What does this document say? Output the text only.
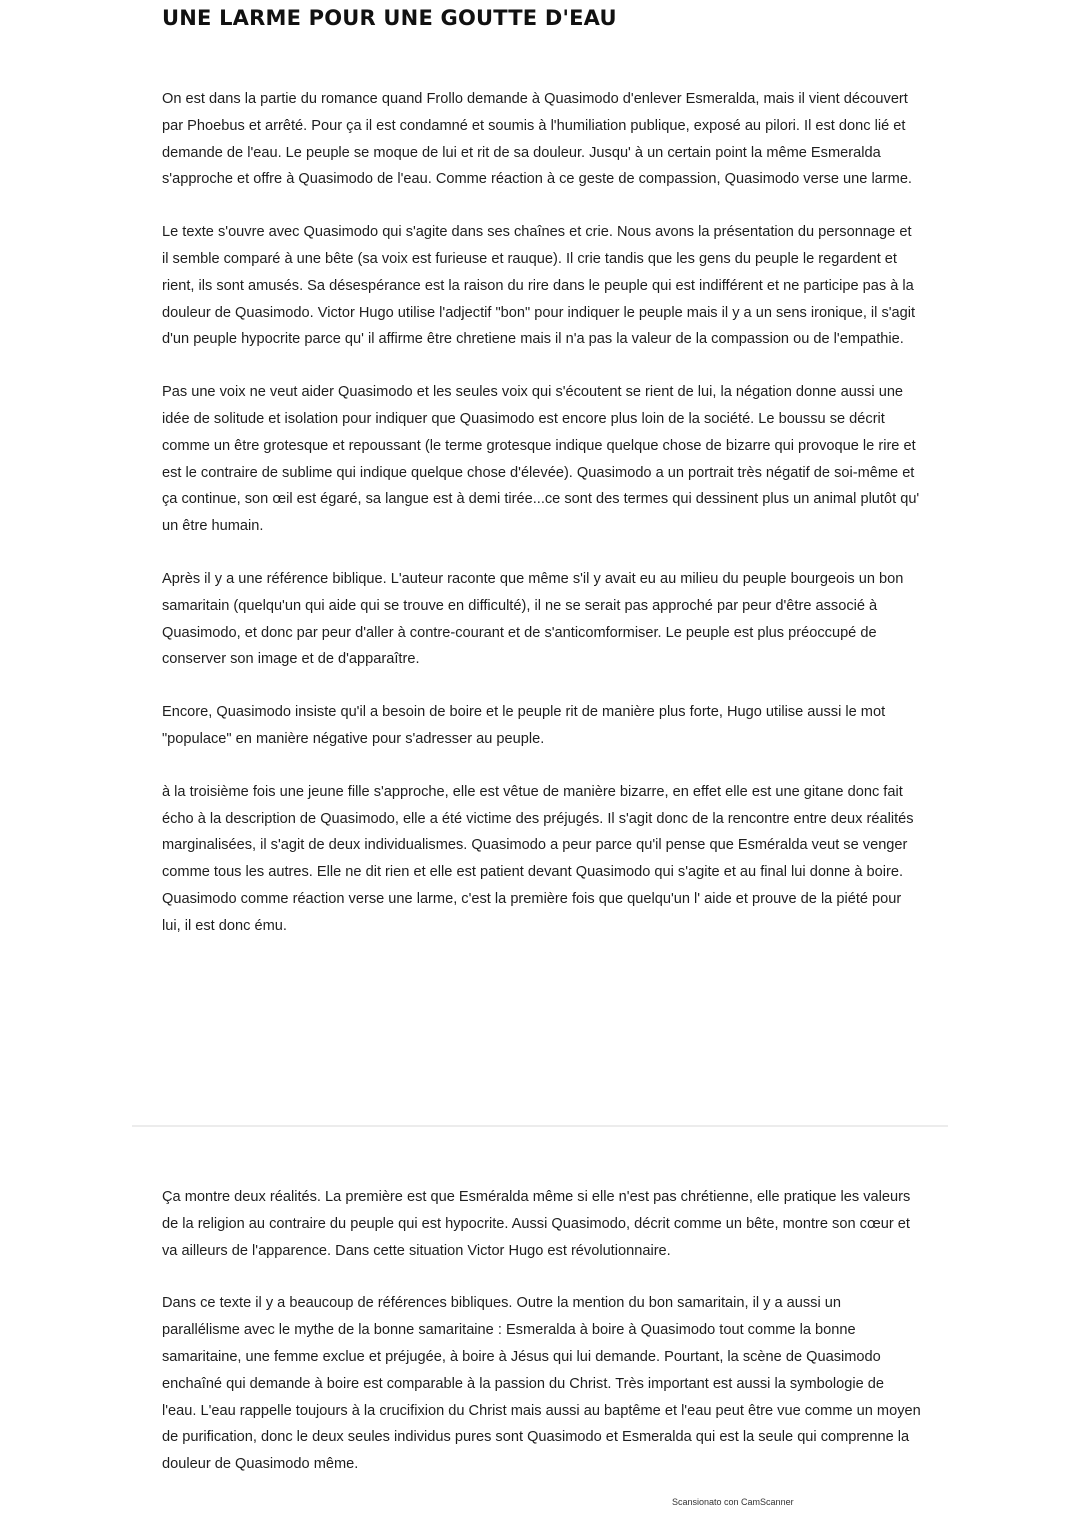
UNE LARME POUR UNE GOUTTE D'EAU

On est dans la partie du romance quand Frollo demande à Quasimodo d'enlever Esmeralda, mais il vient découvert par Phoebus et arrêté. Pour ça il est condamné et soumis à l'humiliation publique, exposé au pilori. Il est donc lié et demande de l'eau. Le peuple se moque de lui et rit de sa douleur. Jusqu' à un certain point la même Esmeralda s'approche et offre à Quasimodo de l'eau. Comme réaction à ce geste de compassion, Quasimodo verse une larme.

Le texte s'ouvre avec Quasimodo qui s'agite dans ses chaînes et crie. Nous avons la présentation du personnage et il semble comparé à une bête (sa voix est furieuse et rauque). Il crie tandis que les gens du peuple le regardent et rient, ils sont amusés. Sa désespérance est la raison du rire dans le peuple qui est indifférent et ne participe pas à la douleur de Quasimodo. Victor Hugo utilise l'adjectif "bon" pour indiquer le peuple mais il y a un sens ironique, il s'agit d'un peuple hypocrite parce qu' il affirme être chretiene mais il n'a pas la valeur de la compassion ou de l'empathie.

Pas une voix ne veut aider Quasimodo et les seules voix qui s'écoutent se rient de lui, la négation donne aussi une idée de solitude et isolation pour indiquer que Quasimodo est encore plus loin de la société. Le boussu se décrit comme un être grotesque et repoussant (le terme grotesque indique quelque chose de bizarre qui provoque le rire et est le contraire de sublime qui indique quelque chose d'élevée). Quasimodo a un portrait très négatif de soi-même et ça continue, son œil est égaré, sa langue est à demi tirée...ce sont des termes qui dessinent plus un animal plutôt qu' un être humain.

Après il y a une référence biblique. L'auteur raconte que même s'il y avait eu au milieu du peuple bourgeois un bon samaritain (quelqu'un qui aide qui se trouve en difficulté), il ne se serait pas approché par peur d'être associé à Quasimodo, et donc par peur d'aller à contre-courant et de s'anticomformiser. Le peuple est plus préoccupé de conserver son image et de d'apparaître.

Encore, Quasimodo insiste qu'il a besoin de boire et le peuple rit de manière plus forte, Hugo utilise aussi le mot "populace" en manière négative pour s'adresser au peuple.

à la troisième fois une jeune fille s'approche, elle est vêtue de manière bizarre, en effet elle est une gitane donc fait écho à la description de Quasimodo, elle a été victime des préjugés. Il s'agit donc de la rencontre entre deux réalités marginalisées, il s'agit de deux individualismes. Quasimodo a peur parce qu'il pense que Esméralda veut se venger comme tous les autres. Elle ne dit rien et elle est patient devant Quasimodo qui s'agite et au final lui donne à boire. Quasimodo comme réaction verse une larme, c'est la première fois que quelqu'un l' aide et prouve de la piété pour lui, il est donc ému.

Ça montre deux réalités. La première est que Esméralda même si elle n'est pas chrétienne, elle pratique les valeurs de la religion au contraire du peuple qui est hypocrite. Aussi Quasimodo, décrit comme un bête, montre son cœur et va ailleurs de l'apparence. Dans cette situation Victor Hugo est révolutionnaire.

Dans ce texte il y a beaucoup de références bibliques. Outre la mention du bon samaritain, il y a aussi un parallélisme avec le mythe de la bonne samaritaine : Esmeralda à boire à Quasimodo tout comme la bonne samaritaine, une femme exclue et préjugée, à boire à Jésus qui lui demande. Pourtant, la scène de Quasimodo enchaîné qui demande à boire est comparable à la passion du Christ. Très important est aussi la symbologie de l'eau. L'eau rappelle toujours à la crucifixion du Christ mais aussi au baptême et l'eau peut être vue comme un moyen de purification, donc le deux seules individus pures sont Quasimodo et Esmeralda qui est la seule qui comprenne la douleur de Quasimodo même.

Scansionato con CamScanner
